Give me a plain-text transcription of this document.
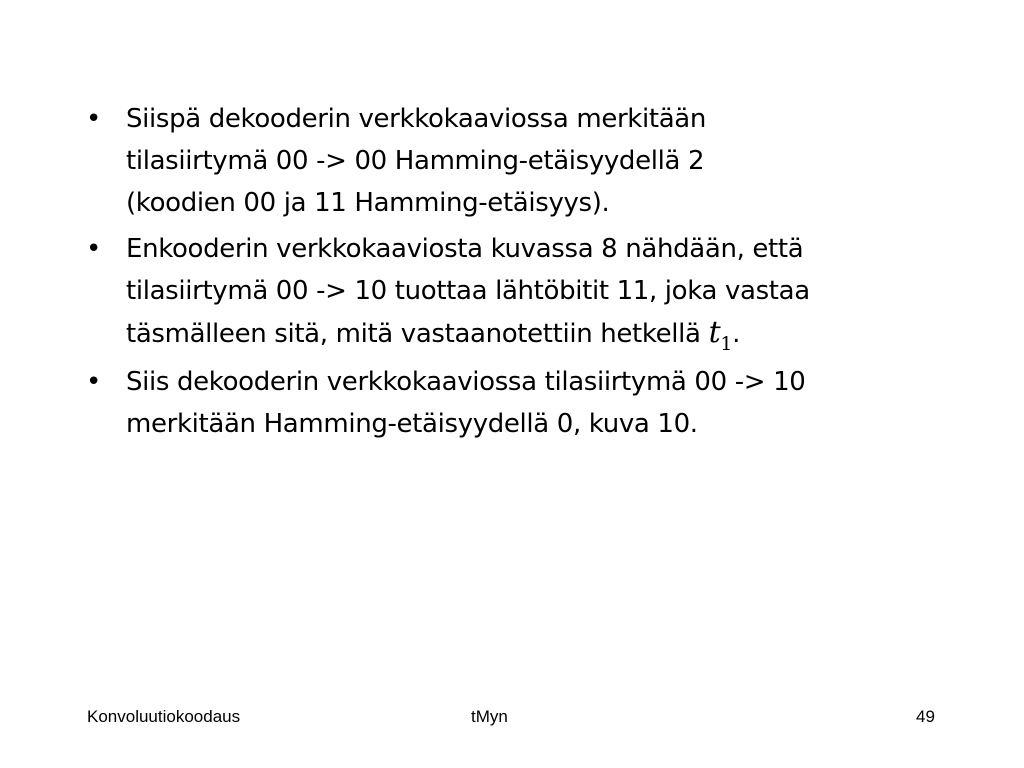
• Siispä dekooderin verkkokaaviossa merkitään
tilasiirtymä 00 -> 00 Hamming-etäisyydellä 2
(koodien 00 ja 11 Hamming-etäisyys).
• Enkooderin verkkokaaviosta kuvassa 8 nähdään, että
tilasiirtymä 00 -> 10 tuottaa lähtöbitit 11, joka vastaa
täsmälleen sitä, mitä vastaanotettiin hetkellä $t_1$.
• Siis dekooderin verkkokaaviossa tilasiirtymä 00 -> 10
merkitään Hamming-etäisyydellä 0, kuva 10.
Konvoluutiokoodaus	tMyn	49
